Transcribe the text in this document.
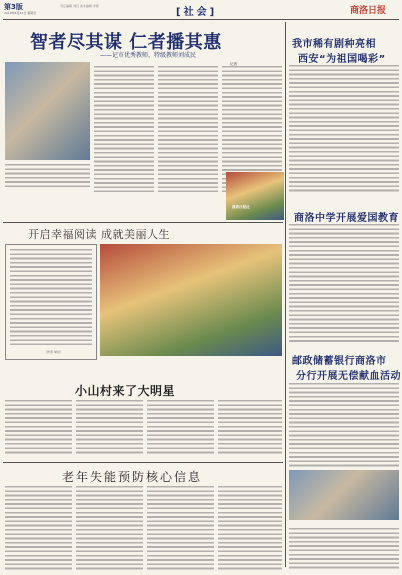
第3版
2019年4月21日 星期日
责任编辑 刘丹 美术编辑 李婷
[社会]	商洛日报
智者尽其谋 仁者播其惠
——记市优秀教师、特级教师刘成民
记者
我市稀有剧种亮相
西安“为祖国喝彩”
商洛日报社
商洛中学开展爱国教育
邮政储蓄银行商洛市
分行开展无偿献血活动
开启幸福阅读 成就美丽人生
（作者 单位）
小山村来了大明星
老年失能预防核心信息
